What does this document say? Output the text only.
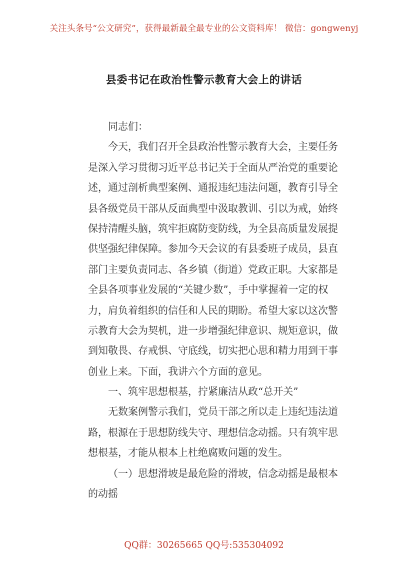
关注头条号“公文研究”，获得最新最全最专业的公文资料库！ 微信：gongwenyj
县委书记在政治性警示教育大会上的讲话
同志们：
今天，我们召开全县政治性警示教育大会，主要任务
是深入学习贯彻习近平总书记关于全面从严治党的重要论
述，通过剖析典型案例、通报违纪违法问题，教育引导全
县各级党员干部从反面典型中汲取教训、引以为戒，始终
保持清醒头脑，筑牢拒腐防变防线，为全县高质量发展提
供坚强纪律保障。参加今天会议的有县委班子成员，县直
部门主要负责同志、各乡镇（街道）党政正职。大家都是
全县各项事业发展的“关键少数”，手中掌握着一定的权
力，肩负着组织的信任和人民的期盼。希望大家以这次警
示教育大会为契机，进一步增强纪律意识、规矩意识，做
到知敬畏、存戒惧、守底线，切实把心思和精力用到干事
创业上来。下面，我讲六个方面的意见。
一、筑牢思想根基，拧紧廉洁从政“总开关”
无数案例警示我们，党员干部之所以走上违纪违法道
路，根源在于思想防线失守、理想信念动摇。只有筑牢思
想根基，才能从根本上杜绝腐败问题的发生。
（一）思想滑坡是最危险的滑坡，信念动摇是最根本
的动摇
QQ群：30265665 QQ号:535304092
